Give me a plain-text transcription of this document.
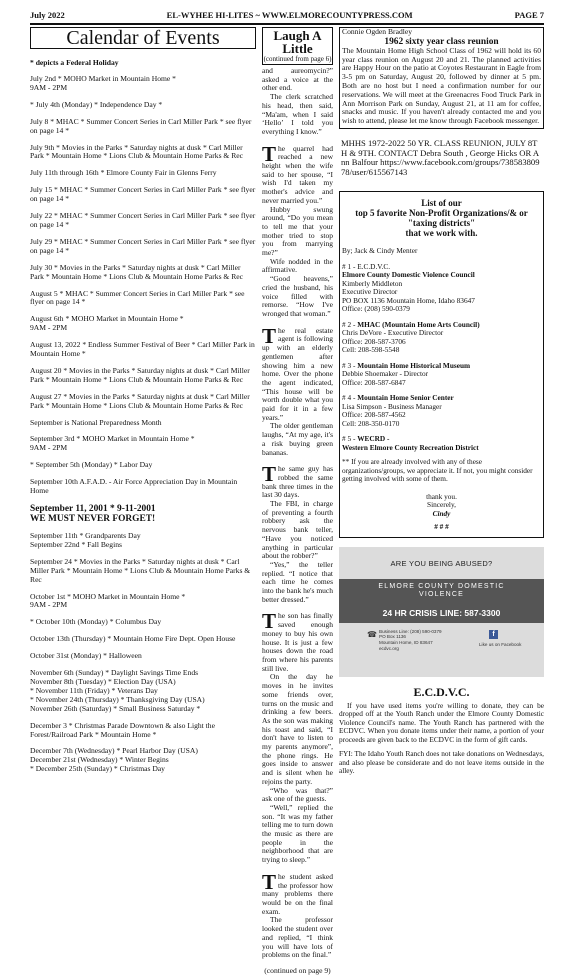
July 2022	EL-WYHEE HI-LITES ~ WWW.ELMORECOUNTYPRESS.COM	PAGE 7
Calendar of Events
* depicts a Federal Holiday
July 2nd * MOHO Market in Mountain Home *
9AM - 2PM
* July 4th (Monday) * Independence Day *
July 8 * MHAC * Summer Concert Series in Carl Miller Park * see flyer on page 14 *
July 9th * Movies in the Parks * Saturday nights at dusk * Carl Miller Park * Mountain Home * Lions Club & Mountain Home Parks & Rec
July 11th through 16th * Elmore County Fair in Glenns Ferry
July 15 * MHAC * Summer Concert Series in Carl Miller Park * see flyer on page 14 *
July 22 * MHAC * Summer Concert Series in Carl Miller Park * see flyer on page 14 *
July 29 * MHAC * Summer Concert Series in Carl Miller Park * see flyer on page 14 *
July 30 * Movies in the Parks * Saturday nights at dusk * Carl Miller Park * Mountain Home * Lions Club & Mountain Home Parks & Rec
August 5 * MHAC * Summer Concert Series in Carl Miller Park * see flyer on page 14 *
August 6th * MOHO Market in Mountain Home *
9AM - 2PM
August 13, 2022 * Endless Summer Festival of Beer * Carl Miller Park in Mountain Home *
August 20 * Movies in the Parks * Saturday nights at dusk * Carl Miller Park * Mountain Home * Lions Club & Mountain Home Parks & Rec
August 27 * Movies in the Parks * Saturday nights at dusk * Carl Miller Park * Mountain Home * Lions Club & Mountain Home Parks & Rec
September is National Preparedness Month
September 3rd * MOHO Market in Mountain Home *
9AM - 2PM
* September 5th (Monday) * Labor Day
September 10th A.F.A.D. - Air Force Appreciation Day in Mountain Home
September 11, 2001 * 9-11-2001
WE MUST NEVER FORGET!
September 11th * Grandparents Day
September 22nd * Fall Begins
September 24 * Movies in the Parks * Saturday nights at dusk * Carl Miller Park * Mountain Home * Lions Club & Mountain Home Parks & Rec
October 1st * MOHO Market in Mountain Home *
9AM - 2PM
* October 10th (Monday) * Columbus Day
October 13th (Thursday) * Mountain Home Fire Dept. Open House
October 31st (Monday) * Halloween
November 6th (Sunday) * Daylight Savings Time Ends
November 8th (Tuesday) * Election Day (USA)
* November 11th (Friday) * Veterans Day
* November 24th (Thursday) * Thanksgiving Day (USA)
November 26th (Saturday) * Small Business Saturday *
December 3 * Christmas Parade Downtown & also Light the Forest/Railroad Park * Mountain Home *
December 7th (Wednesday) * Pearl Harbor Day (USA)
December 21st (Wednesday) * Winter Begins
* December 25th (Sunday) * Christmas Day
Laugh A Little
(continued from page 6)

and aureomycin?” asked a voice at the other end.

The clerk scratched his head, then said, “Ma'am, when I said ‘Hello’ I told you everything I know.”

The quarrel had reached a new height when the wife said to her spouse, “I wish I'd taken my mother's advice and never married you.”

Hubby swung around, “Do you mean to tell me that your mother tried to stop you from marrying me?”

Wife nodded in the affirmative.

“Good heavens,” cried the husband, his voice filled with remorse. “How I've wronged that woman.”

The real estate agent is following up with an elderly gentlemen after showing him a new home. Over the phone the agent indicated, “This house will be worth double what you paid for it in a few years.”

The older gentleman laughs, “At my age, it's a risk buying green bananas.

The same guy has robbed the same bank three times in the last 30 days.

The FBI, in charge of preventing a fourth robbery ask the nervous bank teller, “Have you noticed anything in particular about the robber?”

“Yes,” the teller replied. “I notice that each time he comes into the bank he's much better dressed.”

The son has finally saved enough money to buy his own house. It is just a few houses down the road from where his parents still live.

On the day he moves in he invites some friends over, turns on the music and drinking a few beers. As the son was making his toast and said, “I don't have to listen to my parents anymore”, the phone rings. He goes inside to answer and is silent when he rejoins the party.

“Who was that?” ask one of the guests.

“Well,” replied the son. “It was my father telling me to turn down the music as there are people in the neighborhood that are trying to sleep.”

The student asked the professor how many problems there would be on the final exam.

The professor looked the student over and replied, “I think you will have lots of problems on the final.”

(continued on page 9)
Connie Ogden Bradley
1962 sixty year class reunion
The Mountain Home High School Class of 1962 will hold its 60 year class reunion on August 20 and 21. The planned activities are Happy Hour on the patio at Coyotes Restaurant in Eagle from 3-5 pm on Saturday, August 20, followed by dinner at 5 pm. Both are no host but I need a confirmation number for our reservations. We will meet at the Greenacres Food Truck Park in Ann Morrison Park on Sunday, August 21, at 11 am for coffee, snacks and music. If you haven't already contacted me and you wish to attend, please let me know through Facebook messenger.
MHHS 1972-2022 50 YR. CLASS REUNION, JULY 8TH & 9TH. CONTACT Debra South , George Hicks OR Ann Balfour https://www.facebook.com/groups/73858380978/user/615567143
List of our
top 5 favorite Non-Profit Organizations/& or "taxing districts"
that we work with.
By; Jack & Cindy Menter
# 1 - E.C.D.V.C.
Elmore County Domestic Violence Council
Kimberly Middleton
Executive Director
PO BOX 1136 Mountain Home, Idaho 83647
Office: (208) 590-0379
# 2 - MHAC (Mountain Home Arts Council)
Chris DeVore - Executive Director
Office: 208-587-3706
Cell: 208-598-5548
# 3 - Mountain Home Historical Museum
Debbie Shoemaker - Director
Office: 208-587-6847
# 4 - Mountain Home Senior Center
Lisa Simpson - Business Manager
Office: 208-587-4562
Cell: 208-350-0170
# 5 - WECRD -
Western Elmore County Recreation District
** If you are already involved with any of these organizations/groups, we appreciate it. If not, you might consider getting involved with some of them.
thank you.
Sincerely,
Cindy
# # #
ARE YOU BEING ABUSED?
ELMORE COUNTY DOMESTIC
VIOLENCE
24 HR CRISIS LINE: 587-3300
☎ Business Line: (208) 590-0379
PO Box 1136
Mountain Home, ID 83647
ecdvc.org
f
Like us on Facebook
E.C.D.V.C.
If you have used items you're willing to donate, they can be dropped off at the Youth Ranch under the Elmore County Domestic Violence Council's name. The Youth Ranch has partnered with the ECDVC. When you donate items under their name, a portion of your proceeds are given back to the ECDVC in the form of gift cards.
FYI: The Idaho Youth Ranch does not take donations on Wednesdays, and also please be considerate and do not leave items outside in the alley.
